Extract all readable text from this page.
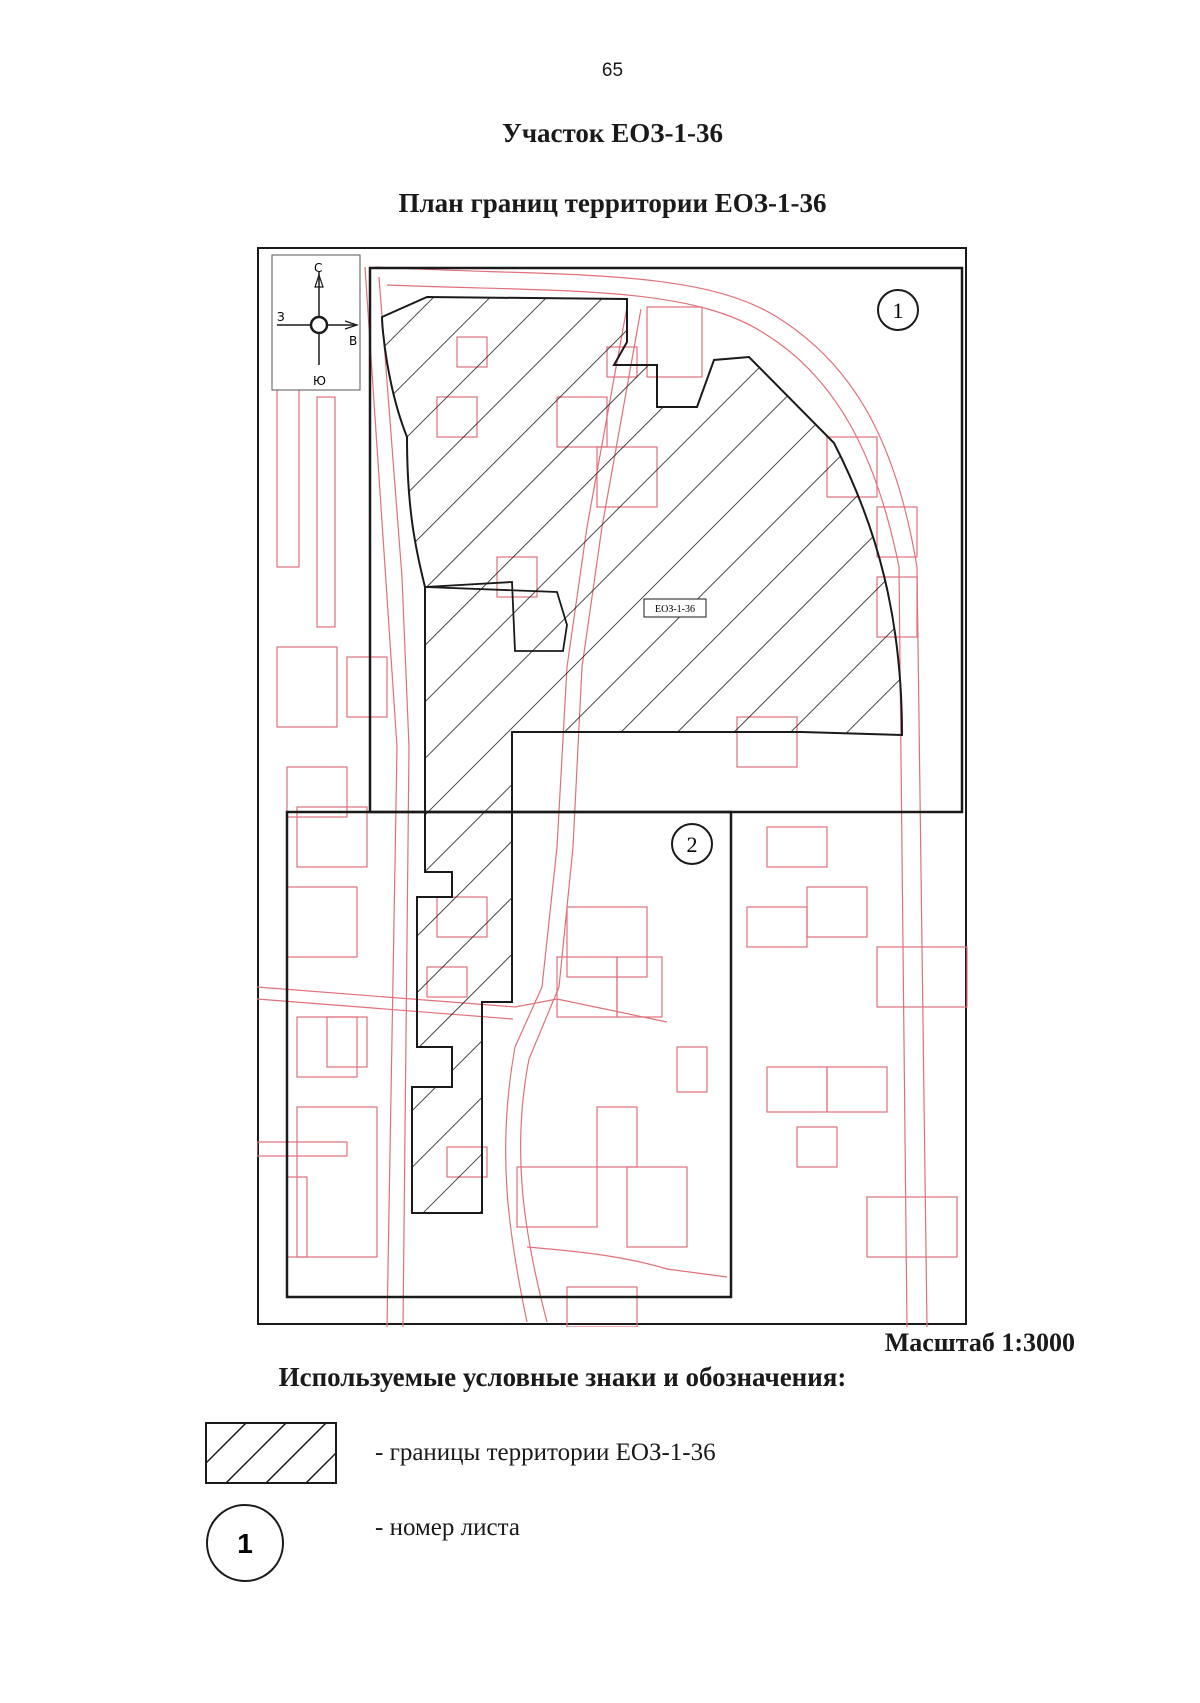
65
Участок ЕОЗ-1-36
План границ территории ЕОЗ-1-36
С
Ю
З
В
1
2
ЕОЗ-1-36
Масштаб 1:3000
Используемые условные знаки и обозначения:
- границы территории ЕОЗ-1-36
1
- номер листа
